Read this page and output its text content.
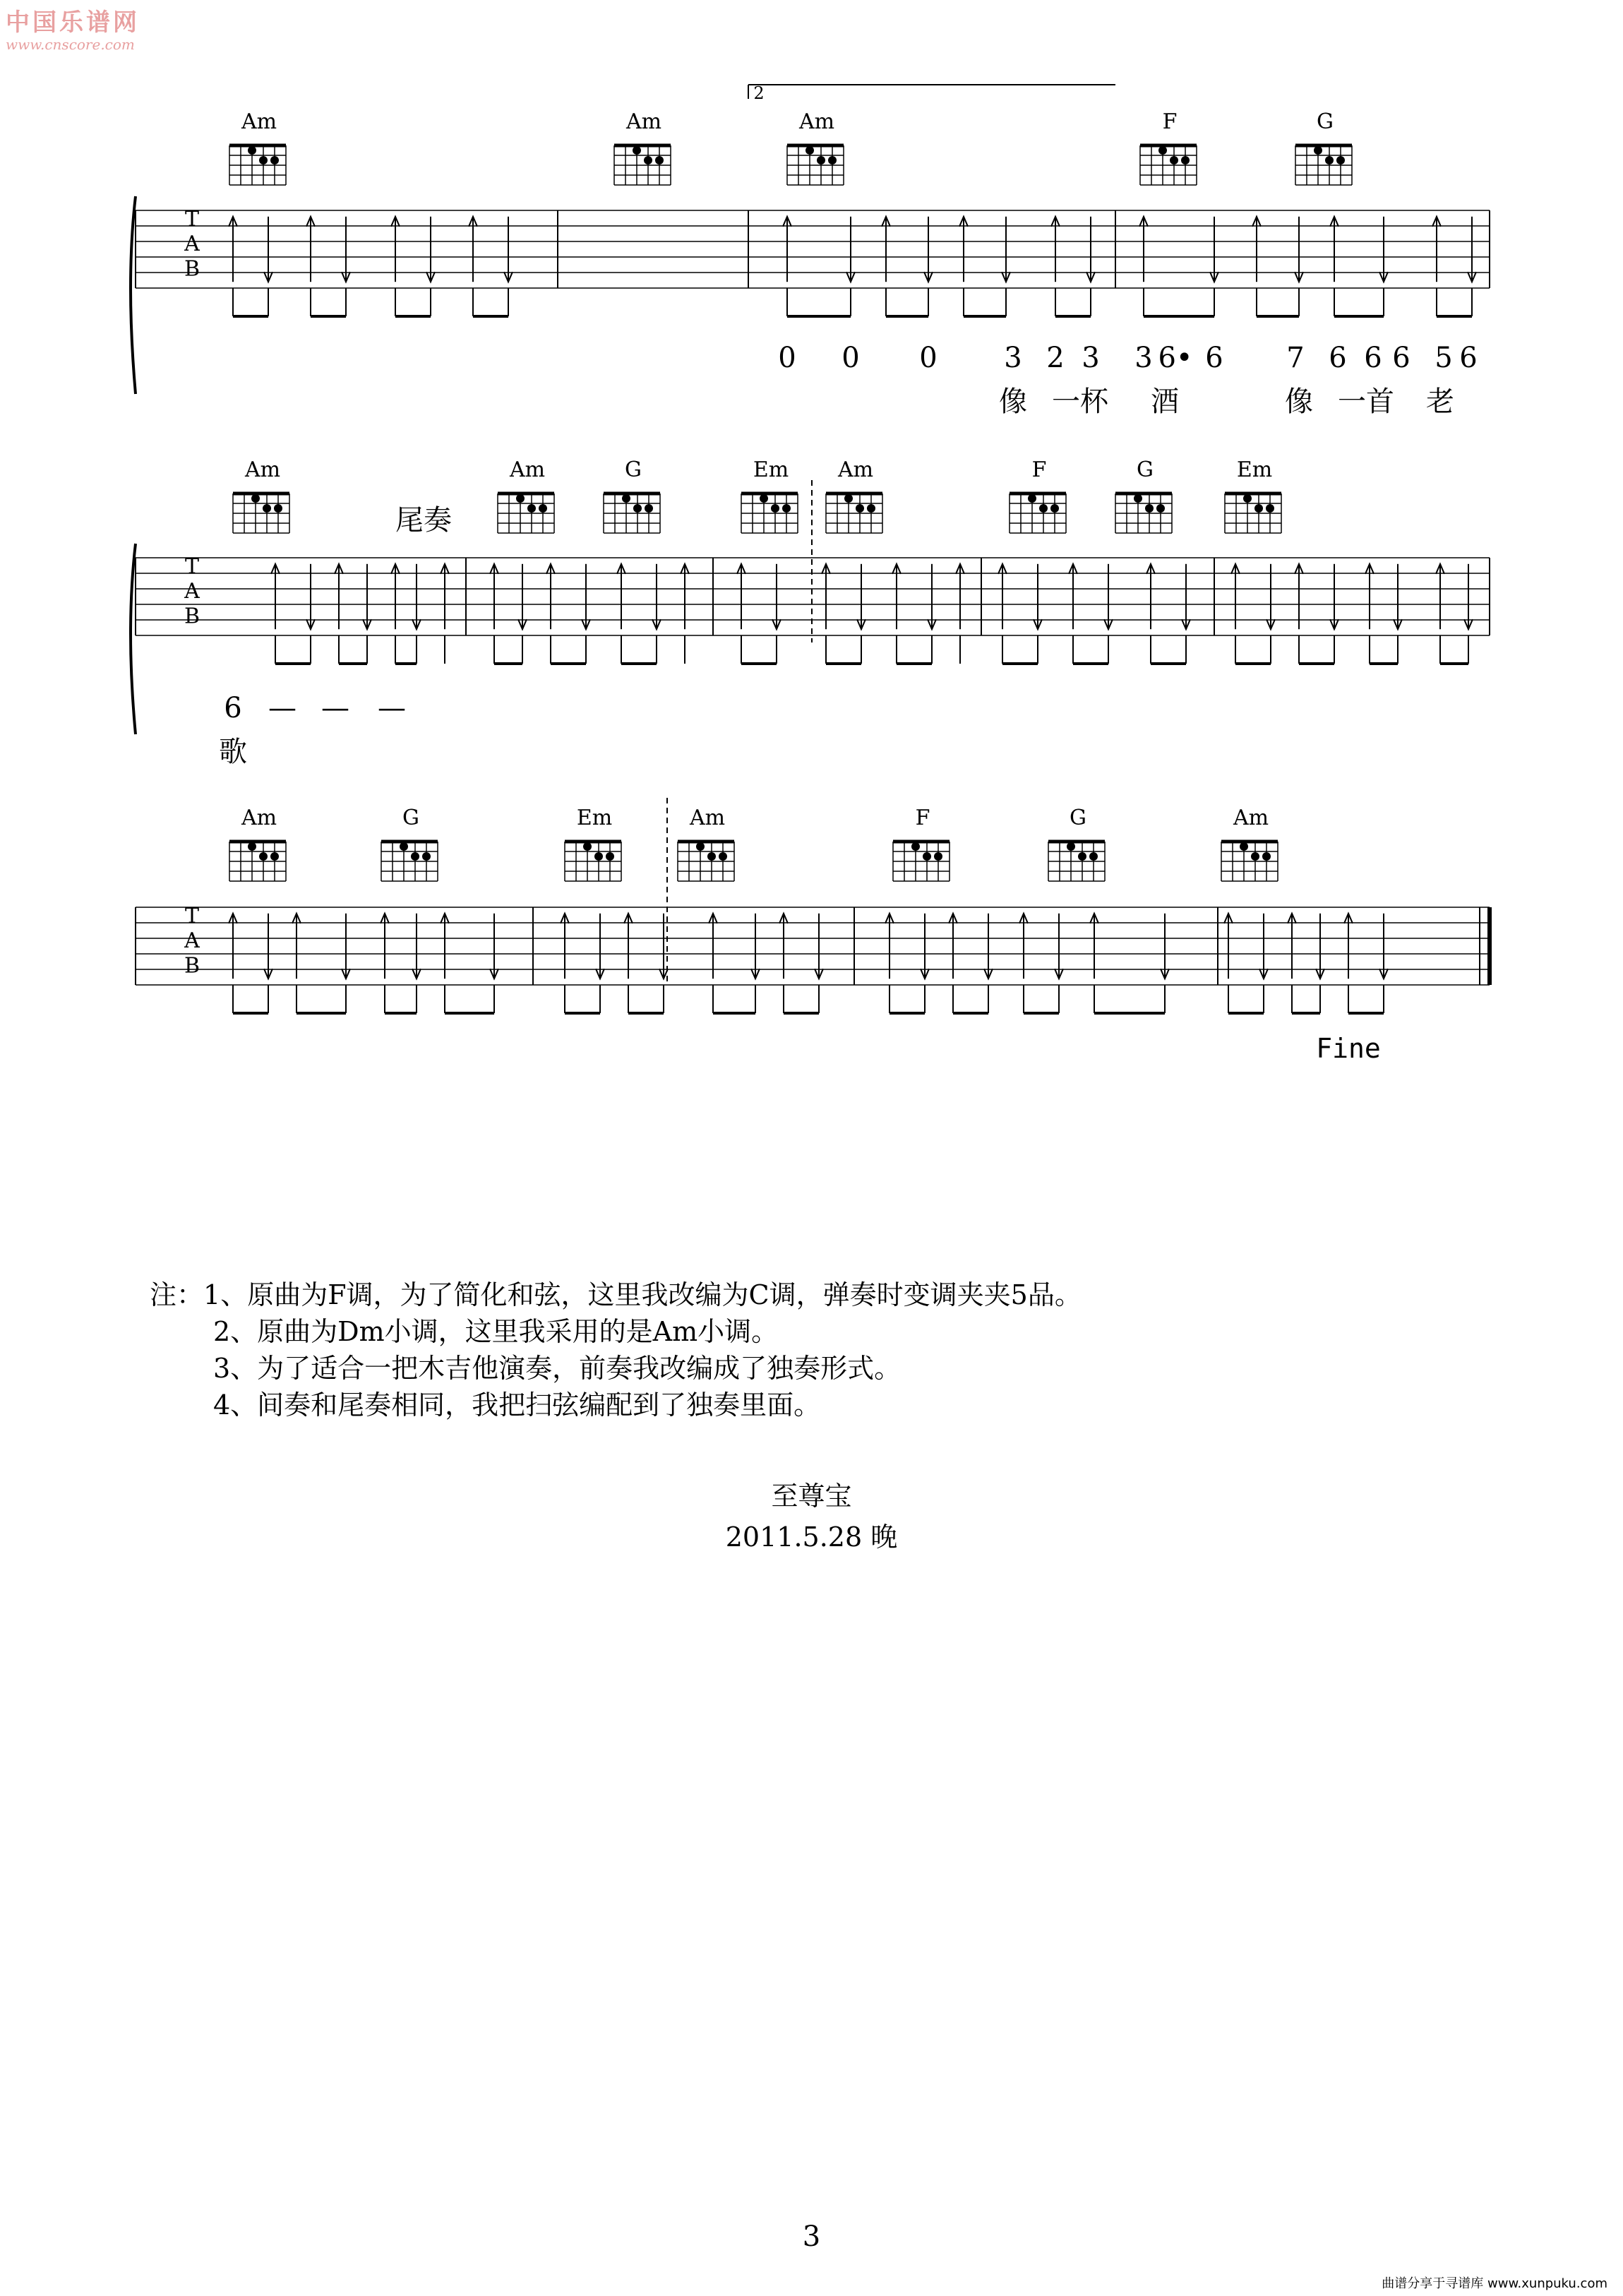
中国乐谱网
www.cnscore.com
T
A
B
2
Am	Am	Am	F	G
0 0 0 3 2 3 3 6• 6 7 6 6 6 5 6
像 一杯 酒	像 一首 老
T
A
B
尾奏
Am	Am	G	Em Am	F	G	Em
6 — — —
歌
T
A
B
Am	G	Em	Am	F	G	Am
Fine
注：1、原曲为F调，为了简化和弦，这里我改编为C调，弹奏时变调夹夹5品。
2、原曲为Dm小调，这里我采用的是Am小调。
3、为了适合一把木吉他演奏，前奏我改编成了独奏形式。
4、间奏和尾奏相同，我把扫弦编配到了独奏里面。
至尊宝
2011.5.28 晚
3
曲谱分享于寻谱库 www.xunpuku.com
